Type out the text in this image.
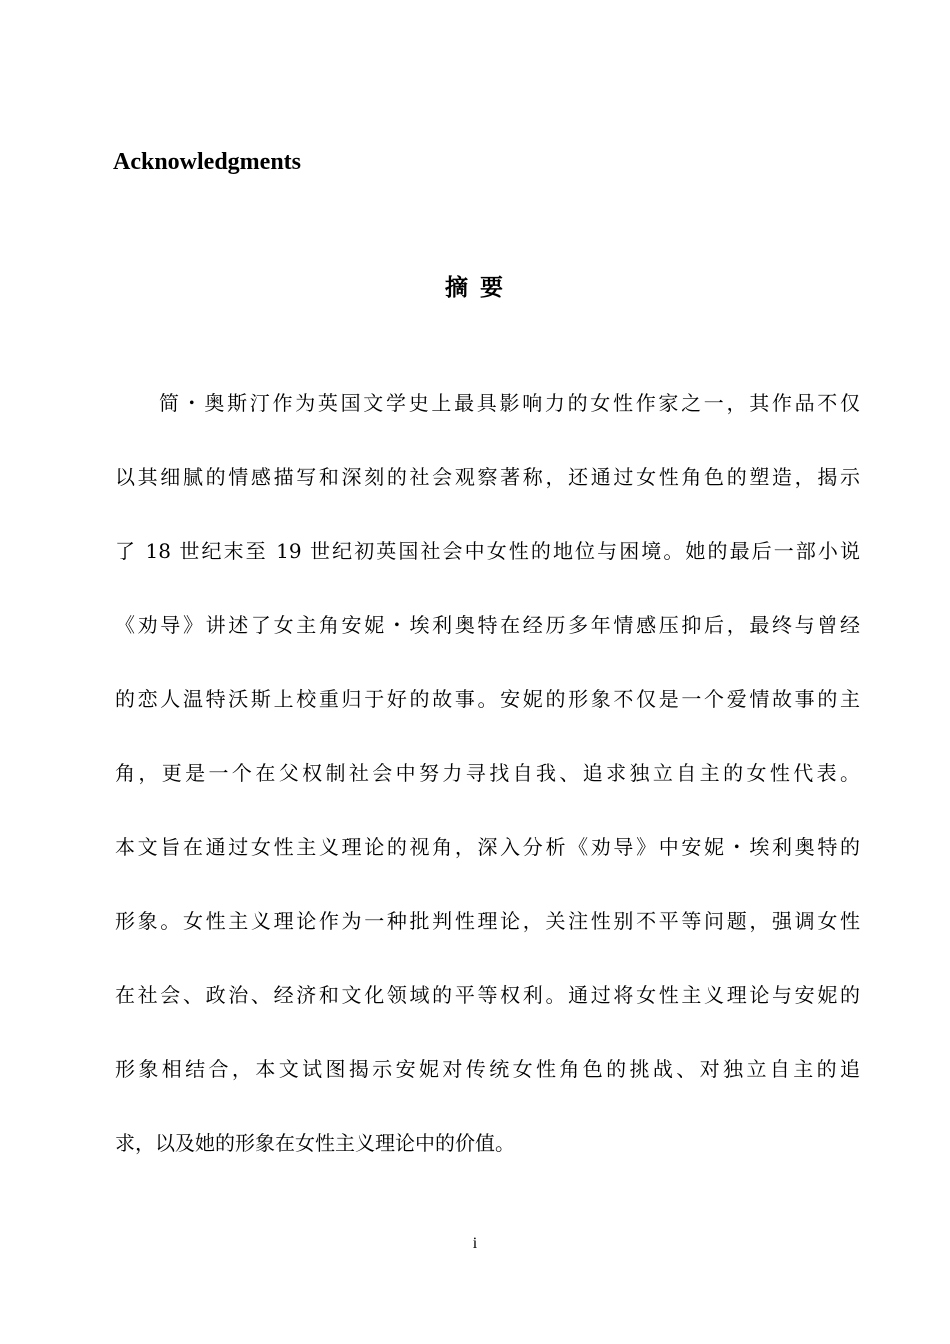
Acknowledgments
摘 要
简・奥斯汀作为英国文学史上最具影响力的女性作家之一，其作品不仅
以其细腻的情感描写和深刻的社会观察著称，还通过女性角色的塑造，揭示
了 18 世纪末至 19 世纪初英国社会中女性的地位与困境。她的最后一部小说
《劝导》讲述了女主角安妮・埃利奥特在经历多年情感压抑后，最终与曾经
的恋人温特沃斯上校重归于好的故事。安妮的形象不仅是一个爱情故事的主
角，更是一个在父权制社会中努力寻找自我、追求独立自主的女性代表。
本文旨在通过女性主义理论的视角，深入分析《劝导》中安妮・埃利奥特的
形象。女性主义理论作为一种批判性理论，关注性别不平等问题，强调女性
在社会、政治、经济和文化领域的平等权利。通过将女性主义理论与安妮的
形象相结合，本文试图揭示安妮对传统女性角色的挑战、对独立自主的追
求，以及她的形象在女性主义理论中的价值。
i
